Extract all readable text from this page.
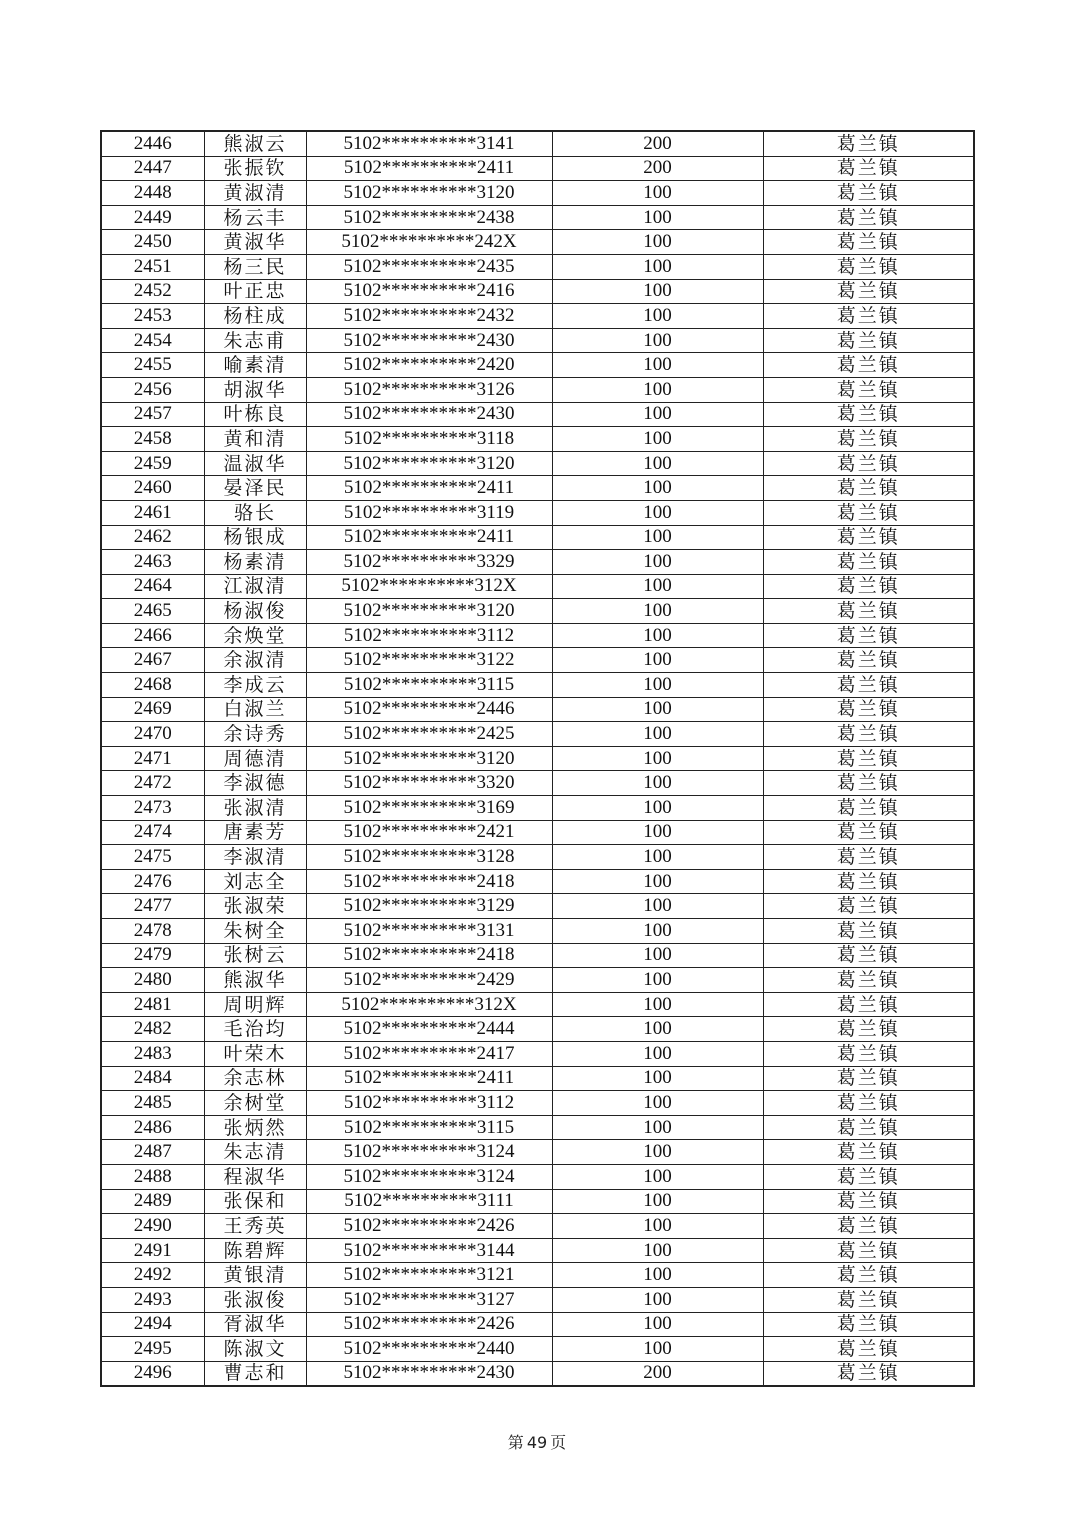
2446	熊淑云	5102**********3141	200	葛兰镇
2447	张振钦	5102**********2411	200	葛兰镇
2448	黄淑清	5102**********3120	100	葛兰镇
2449	杨云丰	5102**********2438	100	葛兰镇
2450	黄淑华	5102**********242X	100	葛兰镇
2451	杨三民	5102**********2435	100	葛兰镇
2452	叶正忠	5102**********2416	100	葛兰镇
2453	杨柱成	5102**********2432	100	葛兰镇
2454	朱志甫	5102**********2430	100	葛兰镇
2455	喻素清	5102**********2420	100	葛兰镇
2456	胡淑华	5102**********3126	100	葛兰镇
2457	叶栋良	5102**********2430	100	葛兰镇
2458	黄和清	5102**********3118	100	葛兰镇
2459	温淑华	5102**********3120	100	葛兰镇
2460	晏泽民	5102**********2411	100	葛兰镇
2461	骆长	5102**********3119	100	葛兰镇
2462	杨银成	5102**********2411	100	葛兰镇
2463	杨素清	5102**********3329	100	葛兰镇
2464	江淑清	5102**********312X	100	葛兰镇
2465	杨淑俊	5102**********3120	100	葛兰镇
2466	余焕堂	5102**********3112	100	葛兰镇
2467	余淑清	5102**********3122	100	葛兰镇
2468	李成云	5102**********3115	100	葛兰镇
2469	白淑兰	5102**********2446	100	葛兰镇
2470	余诗秀	5102**********2425	100	葛兰镇
2471	周德清	5102**********3120	100	葛兰镇
2472	李淑德	5102**********3320	100	葛兰镇
2473	张淑清	5102**********3169	100	葛兰镇
2474	唐素芳	5102**********2421	100	葛兰镇
2475	李淑清	5102**********3128	100	葛兰镇
2476	刘志全	5102**********2418	100	葛兰镇
2477	张淑荣	5102**********3129	100	葛兰镇
2478	朱树全	5102**********3131	100	葛兰镇
2479	张树云	5102**********2418	100	葛兰镇
2480	熊淑华	5102**********2429	100	葛兰镇
2481	周明辉	5102**********312X	100	葛兰镇
2482	毛治均	5102**********2444	100	葛兰镇
2483	叶荣木	5102**********2417	100	葛兰镇
2484	余志林	5102**********2411	100	葛兰镇
2485	余树堂	5102**********3112	100	葛兰镇
2486	张炳然	5102**********3115	100	葛兰镇
2487	朱志清	5102**********3124	100	葛兰镇
2488	程淑华	5102**********3124	100	葛兰镇
2489	张保和	5102**********3111	100	葛兰镇
2490	王秀英	5102**********2426	100	葛兰镇
2491	陈碧辉	5102**********3144	100	葛兰镇
2492	黄银清	5102**********3121	100	葛兰镇
2493	张淑俊	5102**********3127	100	葛兰镇
2494	胥淑华	5102**********2426	100	葛兰镇
2495	陈淑文	5102**********2440	100	葛兰镇
2496	曹志和	5102**********2430	200	葛兰镇
第 49 页
